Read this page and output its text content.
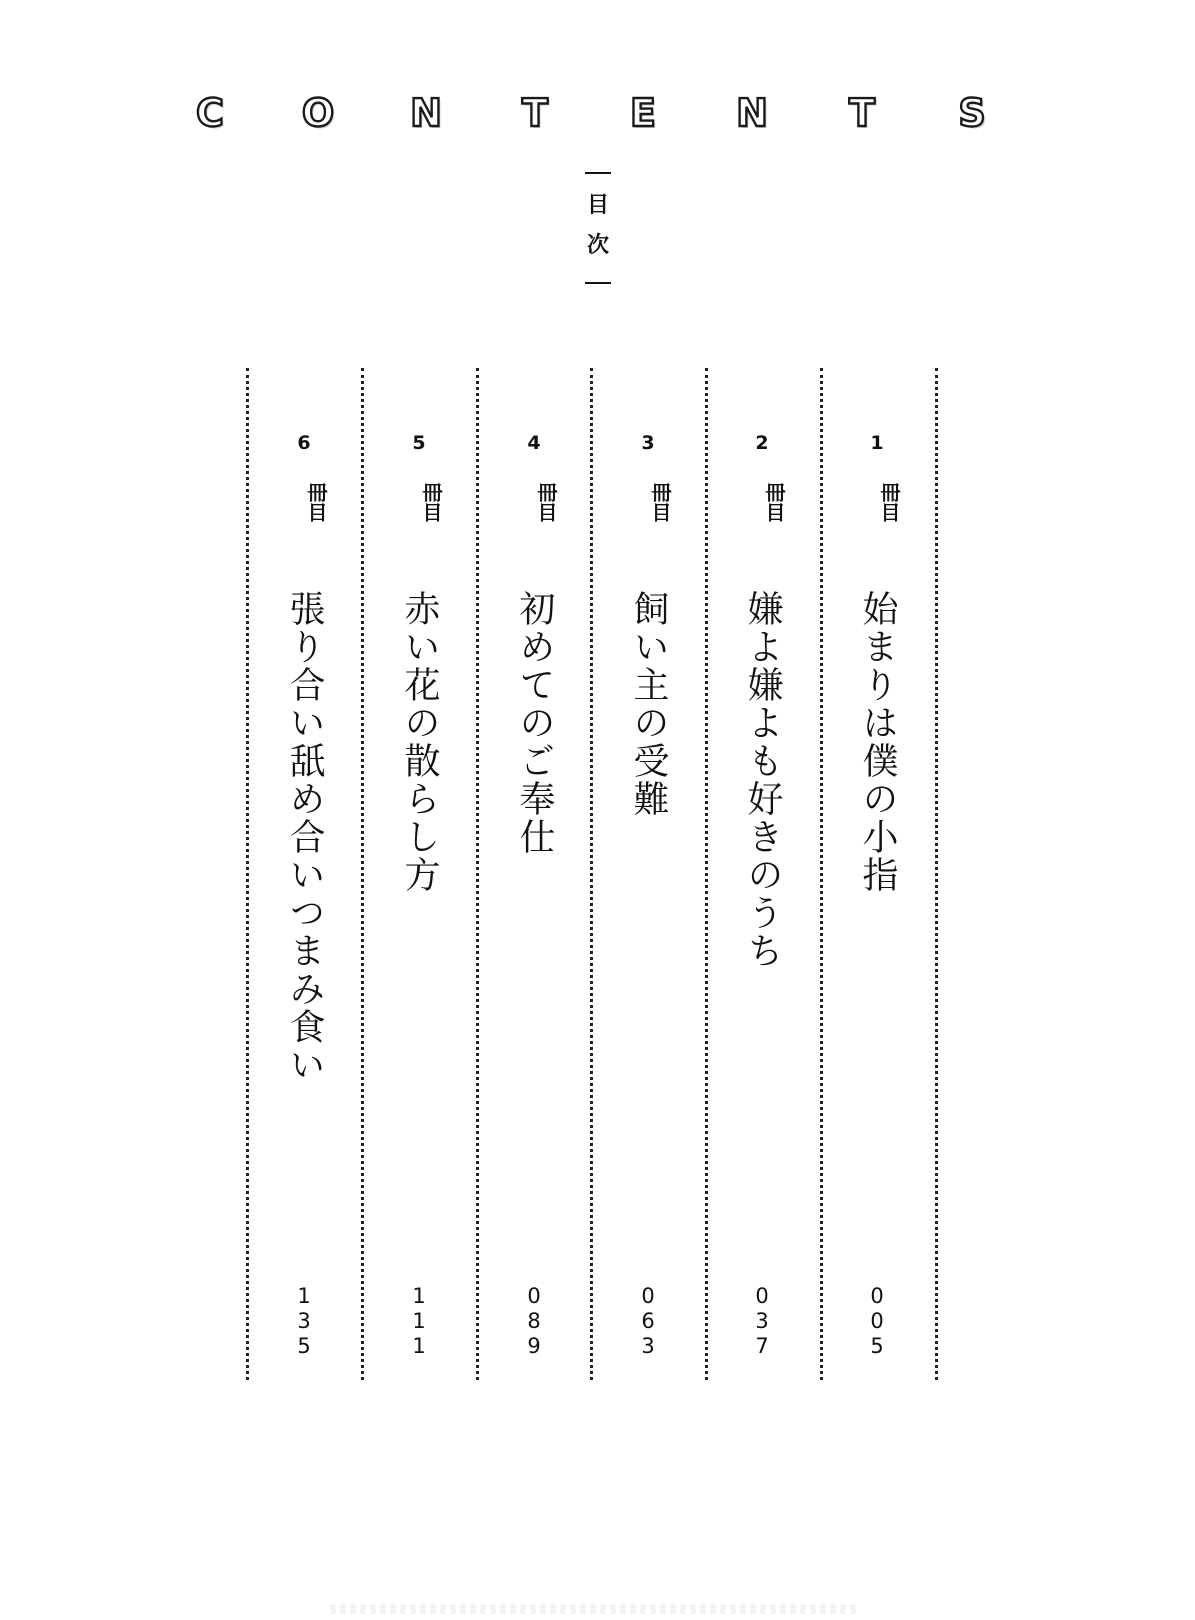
C O N T E N T S
目
次
1
冊目
始まりは僕の小指
005
2
冊目
嫌よ嫌よも好きのうち
037
3
冊目
飼い主の受難
063
4
冊目
初めてのご奉仕
089
5
冊目
赤い花の散らし方
111
6
冊目
張り合い舐め合いつまみ食い
135
